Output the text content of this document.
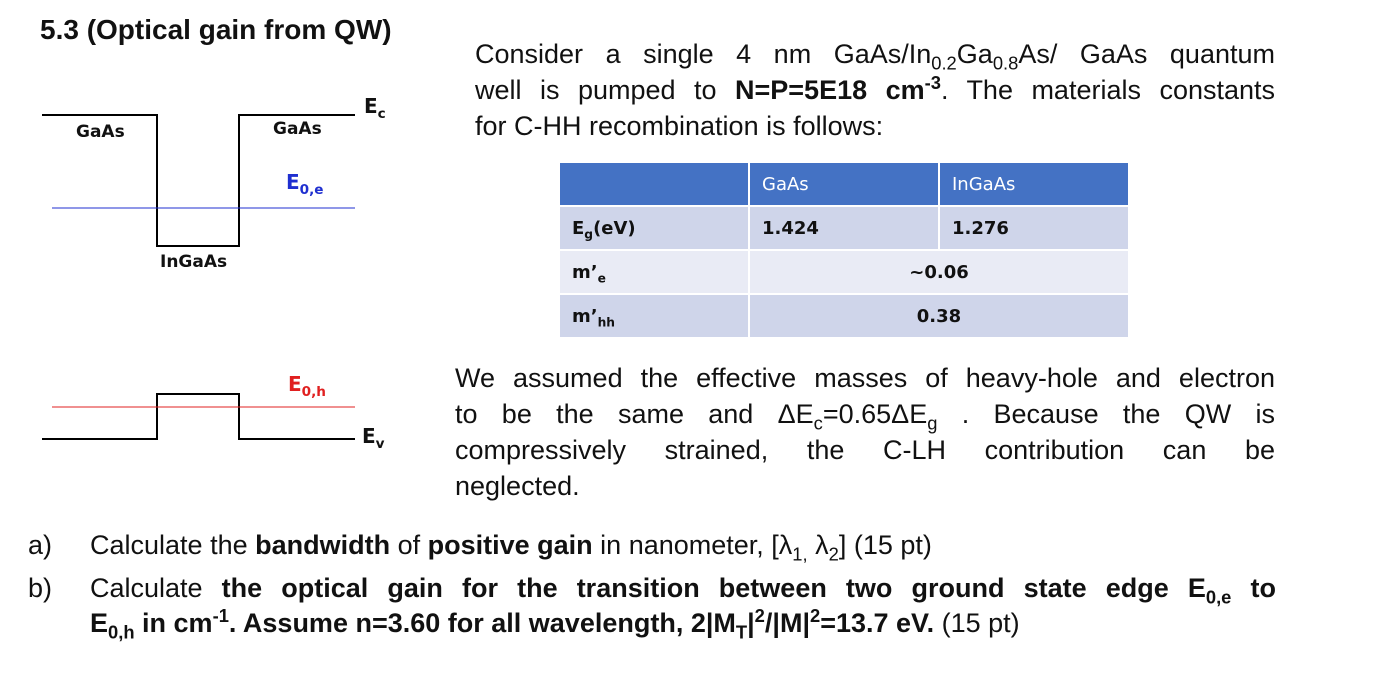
5.3 (Optical gain from QW)
GaAs	GaAs
InGaAs
$E_c$
$E_{0,e}$
$E_{0,h}$
$E_v$
Consider a single 4 nm GaAs/$In_{0.2}Ga_{0.8}As/$ GaAs quantum
well is pumped to N=P=5E18 $cm^{-3}$. The materials constants
for C-HH recombination is follows:
	GaAs	InGaAs
$E_g(eV)$	1.424	1.276
$m’_e$	~0.06	
$m’_{hh}$	0.38	
We assumed the effective masses of heavy-hole and electron
to be the same and $\Delta E_c=0.65\Delta E_g$ . Because the QW is
compressively strained, the C-LH contribution can be
neglected.
a) Calculate the bandwidth of positive gain in nanometer, [$\lambda_{1,}$ $\lambda_2$] (15 pt)
b) Calculate the optical gain for the transition between two ground state edge $E_{0,e}$ to
$E_{0,h}$ in $cm^{-1}$. Assume n=3.60 for all wavelength, $2|M_T|^2/|M|^2=13.7$ eV. (15 pt)
